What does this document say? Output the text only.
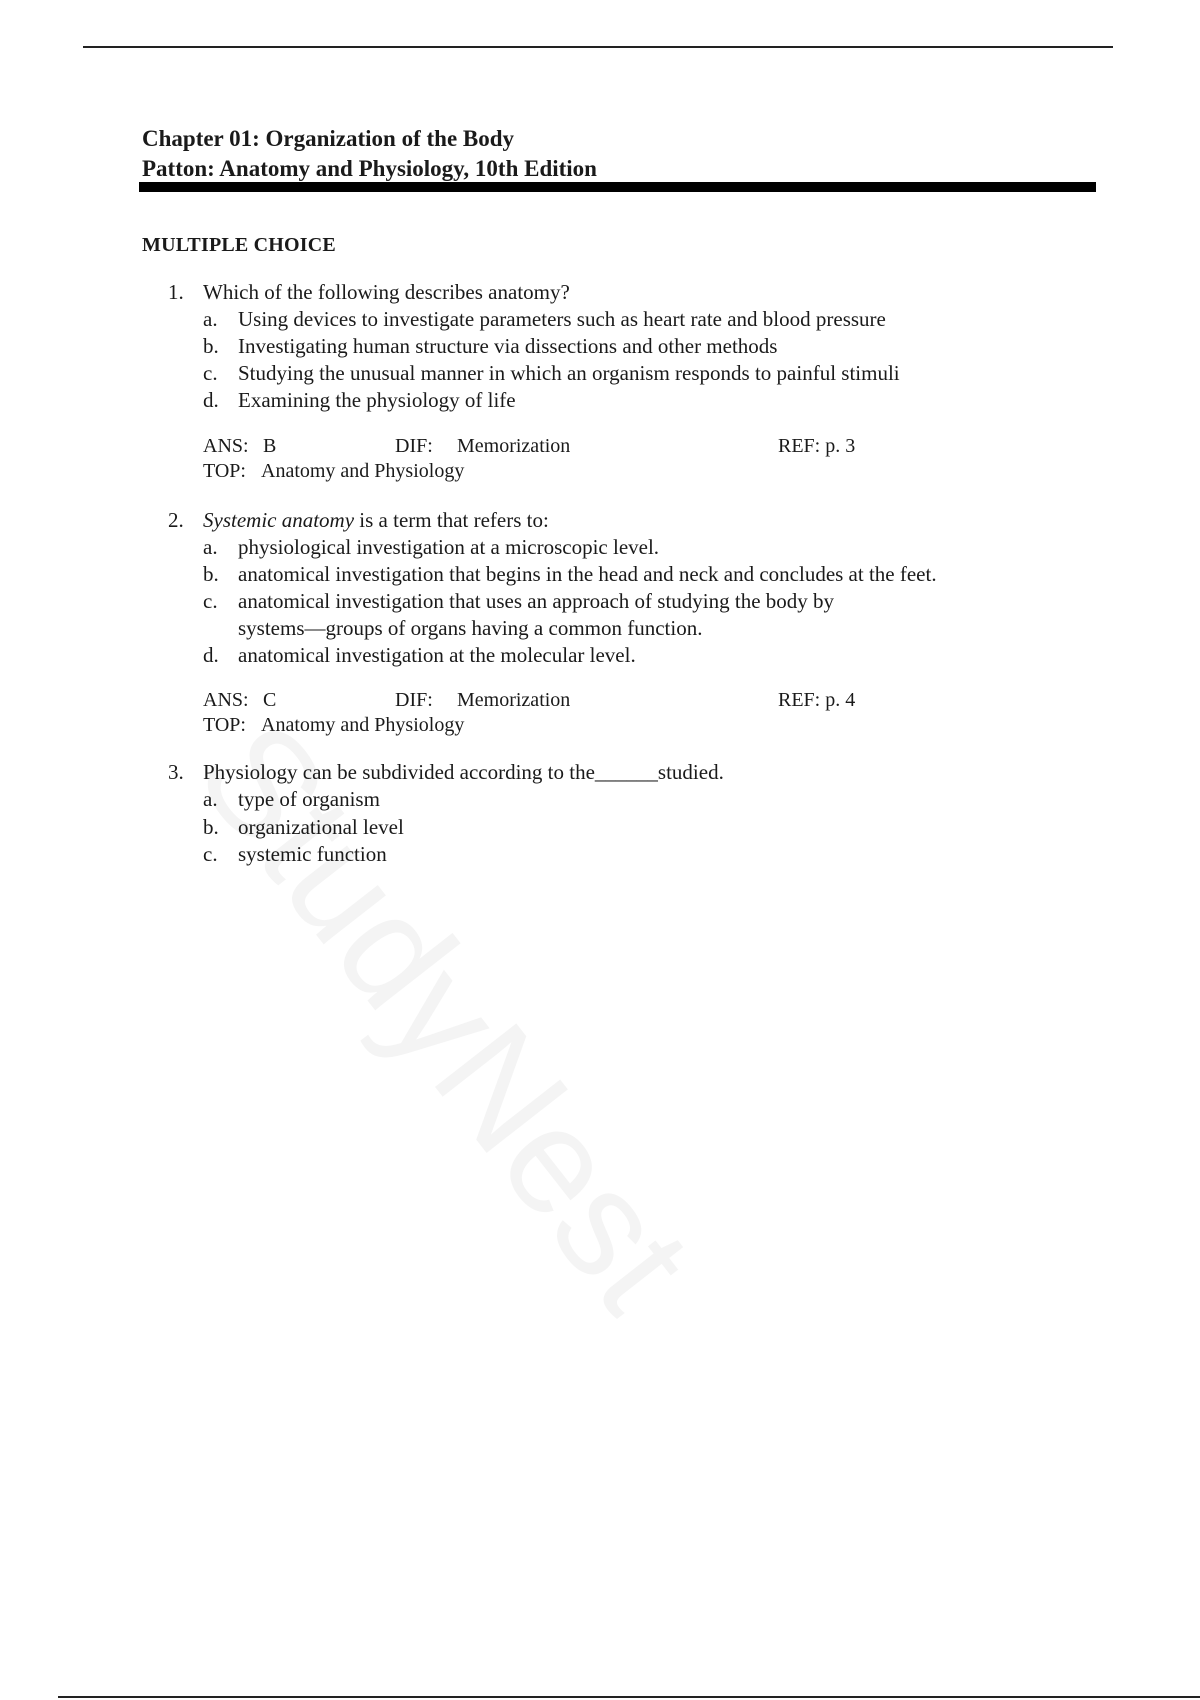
Chapter 01: Organization of the Body
Patton: Anatomy and Physiology, 10th Edition
MULTIPLE CHOICE
1. Which of the following describes anatomy?
a. Using devices to investigate parameters such as heart rate and blood pressure
b. Investigating human structure via dissections and other methods
c. Studying the unusual manner in which an organism responds to painful stimuli
d. Examining the physiology of life
ANS: B	DIF: Memorization	REF: p. 3
TOP: Anatomy and Physiology
2. Systemic anatomy is a term that refers to:
a. physiological investigation at a microscopic level.
b. anatomical investigation that begins in the head and neck and concludes at the feet.
c. anatomical investigation that uses an approach of studying the body by
systems—groups of organs having a common function.
d. anatomical investigation at the molecular level.
ANS: C	DIF: Memorization	REF: p. 4
TOP: Anatomy and Physiology
3. Physiology can be subdivided according to the______studied.
a. type of organism
b. organizational level
c. systemic function
